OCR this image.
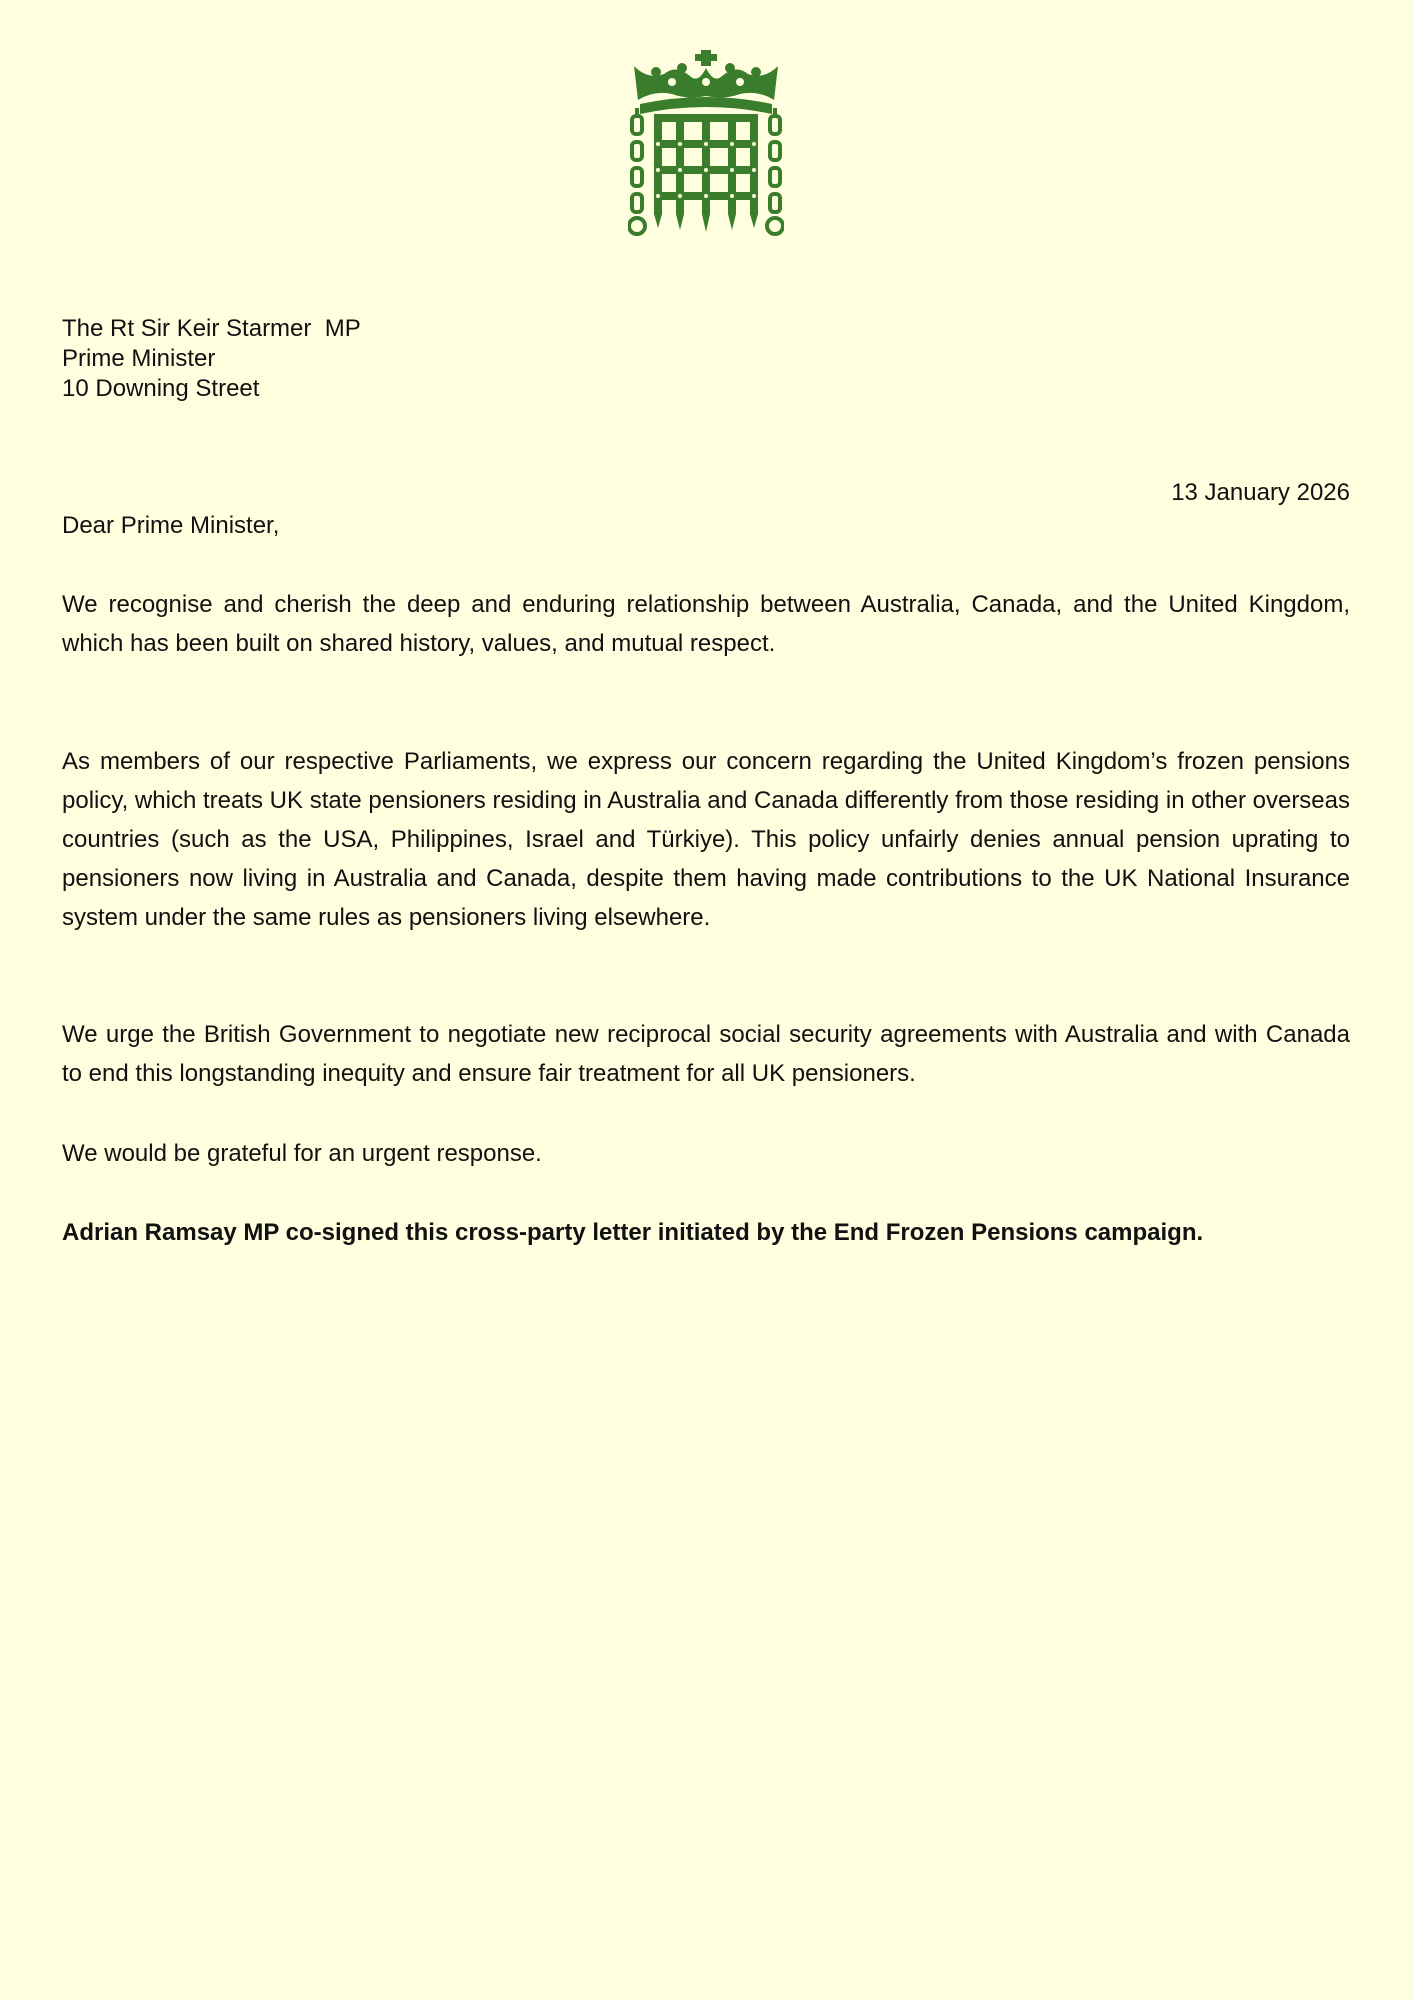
The Rt Sir Keir Starmer  MP
Prime Minister
10 Downing Street
13 January 2026
Dear Prime Minister,
We recognise and cherish the deep and enduring relationship between Australia, Canada, and the United Kingdom, which has been built on shared history, values, and mutual respect.
As members of our respective Parliaments, we express our concern regarding the United Kingdom’s frozen pensions policy, which treats UK state pensioners residing in Australia and Canada differently from those residing in other overseas countries (such as the USA, Philippines, Israel and Türkiye). This policy unfairly denies annual pension uprating to pensioners now living in Australia and Canada, despite them having made contributions to the UK National Insurance system under the same rules as pensioners living elsewhere.
We urge the British Government to negotiate new reciprocal social security agreements with Australia and with Canada to end this longstanding inequity and ensure fair treatment for all UK pensioners.
We would be grateful for an urgent response.
Adrian Ramsay MP co-signed this cross-party letter initiated by the End Frozen Pensions campaign.
